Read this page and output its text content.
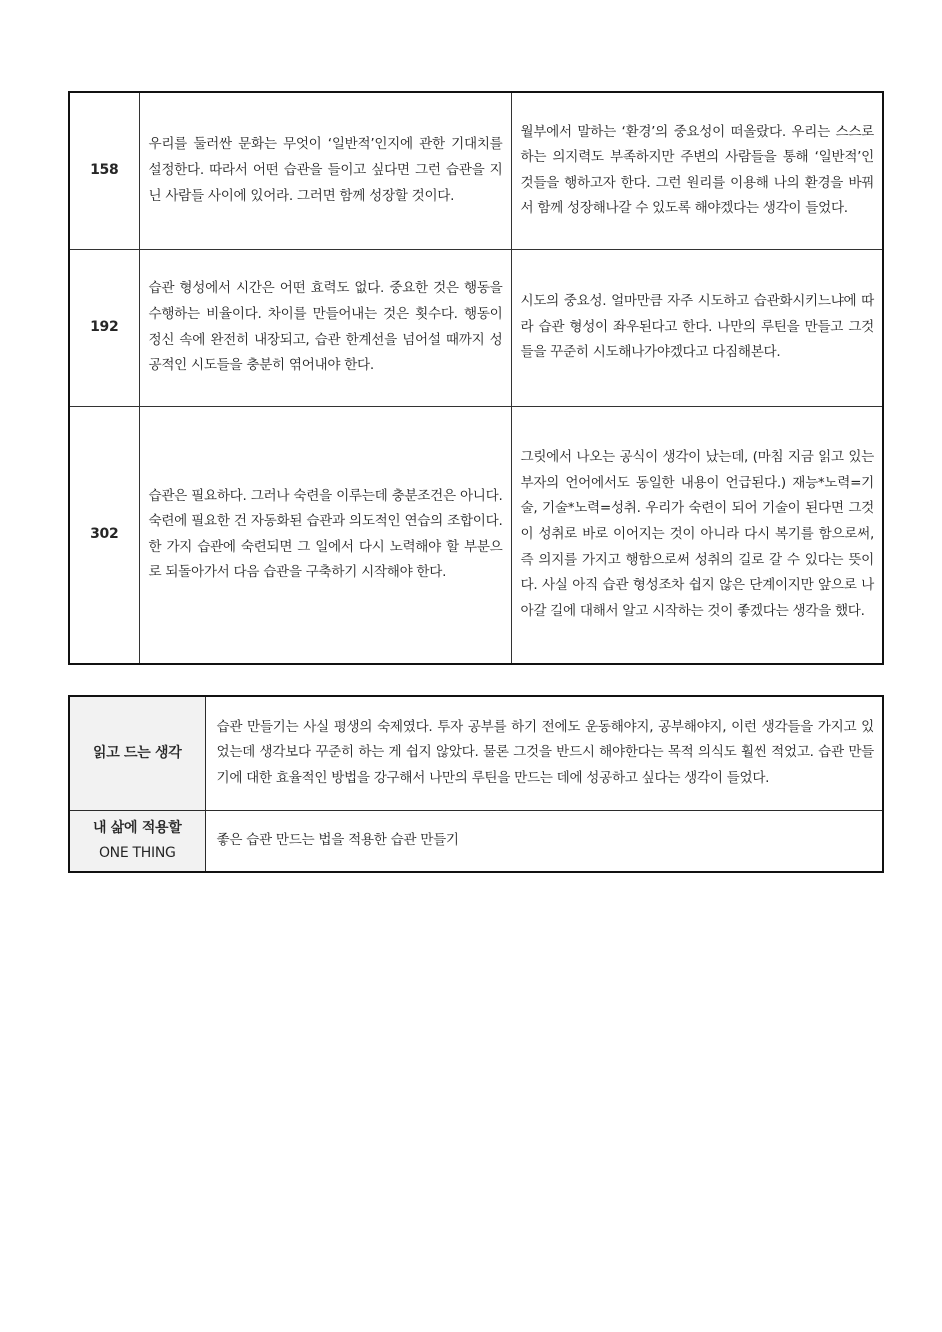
158	우리를 둘러싼 문화는 무엇이 ‘일반적’인지에 관한 기대치를 설정한다. 따라서 어떤 습관을 들이고 싶다면 그런 습관을 지닌 사람들 사이에 있어라. 그러면 함께 성장할 것이다.	월부에서 말하는 ‘환경’의 중요성이 떠올랐다. 우리는 스스로 하는 의지력도 부족하지만 주변의 사람들을 통해 ‘일반적’인 것들을 행하고자 한다. 그런 원리를 이용해 나의 환경을 바꿔서 함께 성장해나갈 수 있도록 해야겠다는 생각이 들었다.
192	습관 형성에서 시간은 어떤 효력도 없다. 중요한 것은 행동을 수행하는 비율이다. 차이를 만들어내는 것은 횟수다. 행동이 정신 속에 완전히 내장되고, 습관 한계선을 넘어설 때까지 성공적인 시도들을 충분히 엮어내야 한다.	시도의 중요성. 얼마만큼 자주 시도하고 습관화시키느냐에 따라 습관 형성이 좌우된다고 한다. 나만의 루틴을 만들고 그것들을 꾸준히 시도해나가야겠다고 다짐해본다.
302	습관은 필요하다. 그러나 숙련을 이루는데 충분조건은 아니다. 숙련에 필요한 건 자동화된 습관과 의도적인 연습의 조합이다. 한 가지 습관에 숙련되면 그 일에서 다시 노력해야 할 부분으로 되돌아가서 다음 습관을 구축하기 시작해야 한다.	그릿에서 나오는 공식이 생각이 났는데, (마침 지금 읽고 있는 부자의 언어에서도 동일한 내용이 언급된다.) 재능*노력=기술, 기술*노력=성취. 우리가 숙련이 되어 기술이 된다면 그것이 성취로 바로 이어지는 것이 아니라 다시 복기를 함으로써, 즉 의지를 가지고 행함으로써 성취의 길로 갈 수 있다는 뜻이다. 사실 아직 습관 형성조차 쉽지 않은 단계이지만 앞으로 나아갈 길에 대해서 알고 시작하는 것이 좋겠다는 생각을 했다.
읽고 드는 생각	습관 만들기는 사실 평생의 숙제였다. 투자 공부를 하기 전에도 운동해야지, 공부해야지, 이런 생각들을 가지고 있었는데 생각보다 꾸준히 하는 게 쉽지 않았다. 물론 그것을 반드시 해야한다는 목적 의식도 훨씬 적었고. 습관 만들기에 대한 효율적인 방법을 강구해서 나만의 루틴을 만드는 데에 성공하고 싶다는 생각이 들었다.

내 삶에 적용할
ONE THING	좋은 습관 만드는 법을 적용한 습관 만들기
